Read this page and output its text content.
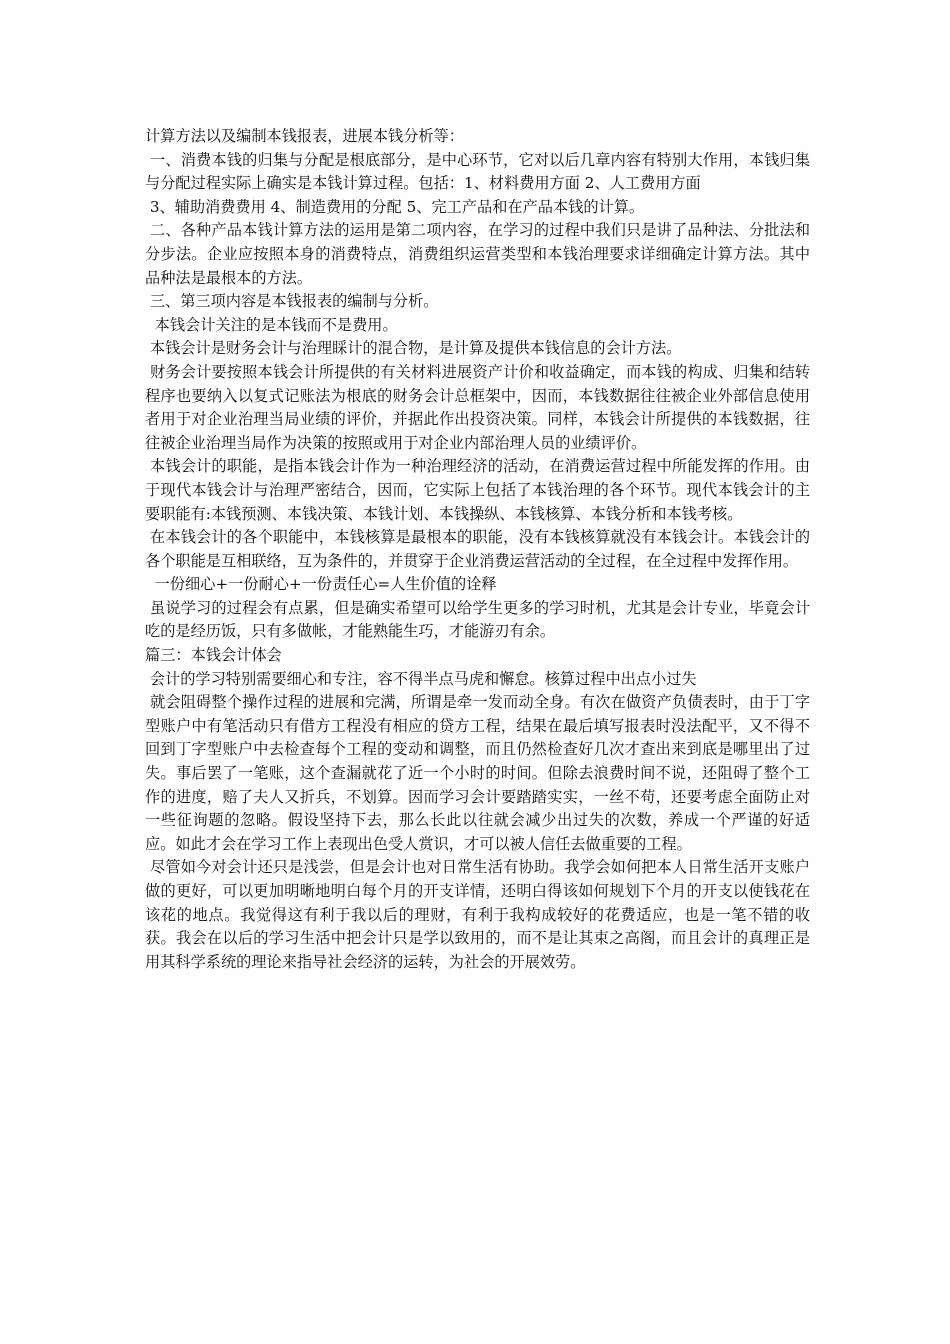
计算方法以及编制本钱报表，进展本钱分析等：

一、消费本钱的归集与分配是根底部分，是中心环节，它对以后几章内容有特别大作用，本钱归集与分配过程实际上确实是本钱计算过程。包括：1、材料费用方面 2、人工费用方面

3、辅助消费费用 4、制造费用的分配 5、完工产品和在产品本钱的计算。

二、各种产品本钱计算方法的运用是第二项内容，在学习的过程中我们只是讲了品种法、分批法和分步法。企业应按照本身的消费特点，消费组织运营类型和本钱治理要求详细确定计算方法。其中品种法是最根本的方法。

三、第三项内容是本钱报表的编制与分析。

本钱会计关注的是本钱而不是费用。

本钱会计是财务会计与治理睬计的混合物，是计算及提供本钱信息的会计方法。

财务会计要按照本钱会计所提供的有关材料进展资产计价和收益确定，而本钱的构成、归集和结转程序也要纳入以复式记账法为根底的财务会计总框架中，因而，本钱数据往往被企业外部信息使用者用于对企业治理当局业绩的评价，并据此作出投资决策。同样，本钱会计所提供的本钱数据，往往被企业治理当局作为决策的按照或用于对企业内部治理人员的业绩评价。

本钱会计的职能，是指本钱会计作为一种治理经济的活动，在消费运营过程中所能发挥的作用。由于现代本钱会计与治理严密结合，因而，它实际上包括了本钱治理的各个环节。现代本钱会计的主要职能有:本钱预测、本钱决策、本钱计划、本钱操纵、本钱核算、本钱分析和本钱考核。

在本钱会计的各个职能中，本钱核算是最根本的职能，没有本钱核算就没有本钱会计。本钱会计的各个职能是互相联络，互为条件的，并贯穿于企业消费运营活动的全过程，在全过程中发挥作用。

一份细心+一份耐心+一份责任心=人生价值的诠释

虽说学习的过程会有点累，但是确实希望可以给学生更多的学习时机，尤其是会计专业，毕竟会计吃的是经历饭，只有多做帐，才能熟能生巧，才能游刃有余。

篇三：本钱会计体会

会计的学习特别需要细心和专注，容不得半点马虎和懈怠。核算过程中出点小过失

就会阻碍整个操作过程的进展和完满，所谓是牵一发而动全身。有次在做资产负债表时，由于丁字型账户中有笔活动只有借方工程没有相应的贷方工程，结果在最后填写报表时没法配平，又不得不回到丁字型账户中去检查每个工程的变动和调整，而且仍然检查好几次才查出来到底是哪里出了过失。事后罢了一笔账，这个查漏就花了近一个小时的时间。但除去浪费时间不说，还阻碍了整个工作的进度，赔了夫人又折兵，不划算。因而学习会计要踏踏实实，一丝不苟，还要考虑全面防止对一些征询题的忽略。假设坚持下去，那么长此以往就会减少出过失的次数，养成一个严谨的好适应。如此才会在学习工作上表现出色受人赏识，才可以被人信任去做重要的工程。

尽管如今对会计还只是浅尝，但是会计也对日常生活有协助。我学会如何把本人日常生活开支账户做的更好，可以更加明晰地明白每个月的开支详情，还明白得该如何规划下个月的开支以使钱花在该花的地点。我觉得这有利于我以后的理财，有利于我构成较好的花费适应，也是一笔不错的收获。我会在以后的学习生活中把会计只是学以致用的，而不是让其束之高阁，而且会计的真理正是用其科学系统的理论来指导社会经济的运转，为社会的开展效劳。
